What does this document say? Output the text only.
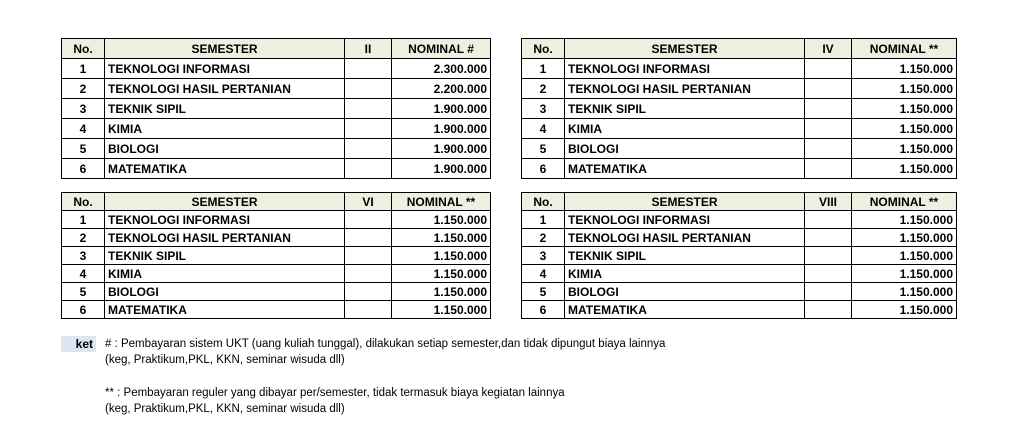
No.	SEMESTER	II	NOMINAL #
1	TEKNOLOGI INFORMASI		2.300.000
2	TEKNOLOGI HASIL PERTANIAN		2.200.000
3	TEKNIK SIPIL		1.900.000
4	KIMIA		1.900.000
5	BIOLOGI		1.900.000
6	MATEMATIKA		1.900.000
No.	SEMESTER	IV	NOMINAL **
1	TEKNOLOGI INFORMASI		1.150.000
2	TEKNOLOGI HASIL PERTANIAN		1.150.000
3	TEKNIK SIPIL		1.150.000
4	KIMIA		1.150.000
5	BIOLOGI		1.150.000
6	MATEMATIKA		1.150.000
No.	SEMESTER	VI	NOMINAL **
1	TEKNOLOGI INFORMASI		1.150.000
2	TEKNOLOGI HASIL PERTANIAN		1.150.000
3	TEKNIK SIPIL		1.150.000
4	KIMIA		1.150.000
5	BIOLOGI		1.150.000
6	MATEMATIKA		1.150.000
No.	SEMESTER	VIII	NOMINAL **
1	TEKNOLOGI INFORMASI		1.150.000
2	TEKNOLOGI HASIL PERTANIAN		1.150.000
3	TEKNIK SIPIL		1.150.000
4	KIMIA		1.150.000
5	BIOLOGI		1.150.000
6	MATEMATIKA		1.150.000
ket # : Pembayaran sistem UKT (uang kuliah tunggal), dilakukan setiap semester,dan tidak dipungut biaya lainnya
(keg, Praktikum,PKL, KKN, seminar wisuda dll)
** : Pembayaran reguler yang dibayar per/semester, tidak termasuk biaya kegiatan lainnya
(keg, Praktikum,PKL, KKN, seminar wisuda dll)
